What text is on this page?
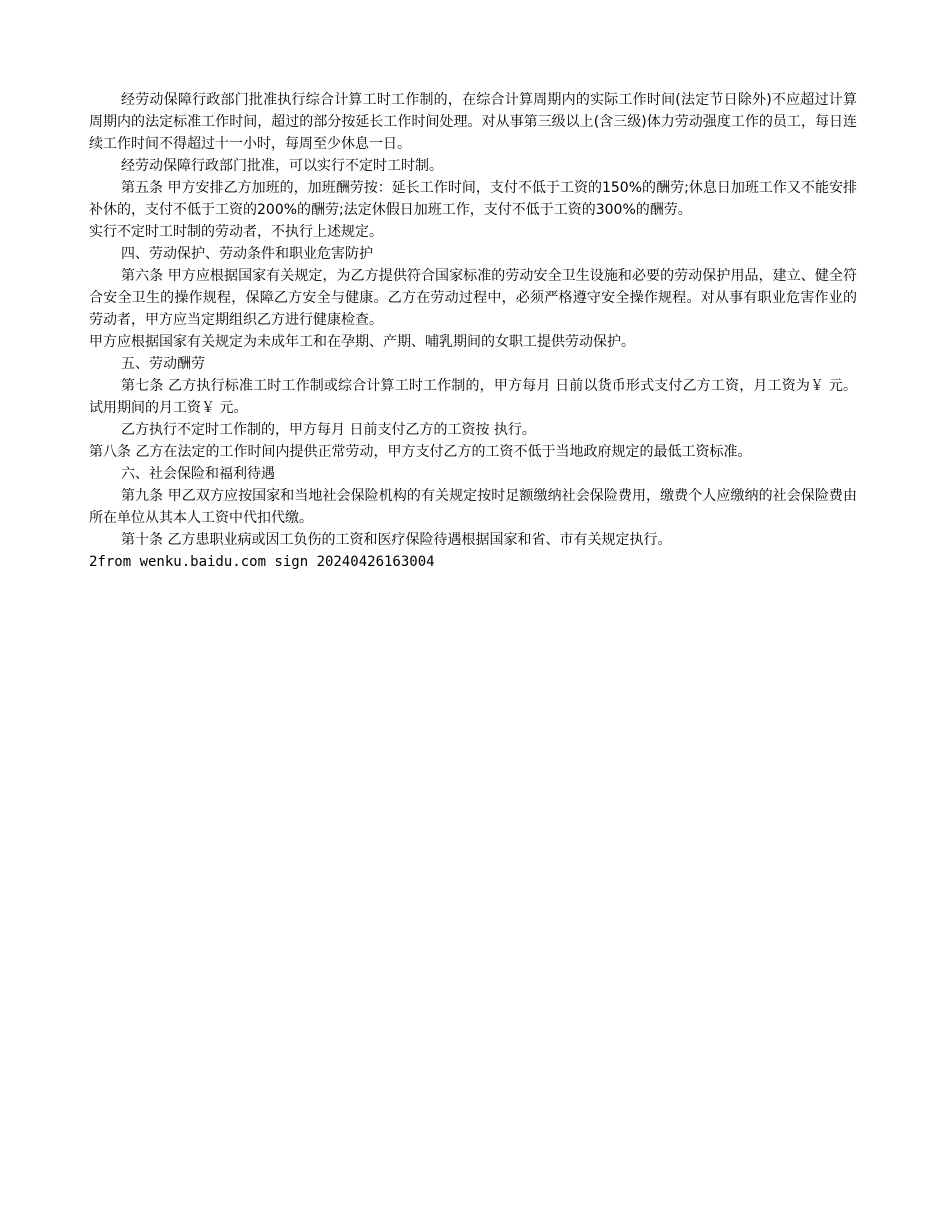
经劳动保障行政部门批准执行综合计算工时工作制的，在综合计算周期内的实际工作时间(法定节日除外)不应超过计算周期内的法定标准工作时间，超过的部分按延长工作时间处理。对从事第三级以上(含三级)体力劳动强度工作的员工，每日连续工作时间不得超过十一小时，每周至少休息一日。

经劳动保障行政部门批准，可以实行不定时工时制。

第五条 甲方安排乙方加班的，加班酬劳按：延长工作时间，支付不低于工资的150%的酬劳;休息日加班工作又不能安排补休的，支付不低于工资的200%的酬劳;法定休假日加班工作，支付不低于工资的300%的酬劳。

实行不定时工时制的劳动者，不执行上述规定。

四、劳动保护、劳动条件和职业危害防护

第六条 甲方应根据国家有关规定，为乙方提供符合国家标准的劳动安全卫生设施和必要的劳动保护用品，建立、健全符合安全卫生的操作规程，保障乙方安全与健康。乙方在劳动过程中，必须严格遵守安全操作规程。对从事有职业危害作业的劳动者，甲方应当定期组织乙方进行健康检查。

甲方应根据国家有关规定为未成年工和在孕期、产期、哺乳期间的女职工提供劳动保护。

五、劳动酬劳

第七条 乙方执行标准工时工作制或综合计算工时工作制的，甲方每月 日前以货币形式支付乙方工资，月工资为￥ 元。试用期间的月工资￥ 元。

乙方执行不定时工作制的，甲方每月 日前支付乙方的工资按 执行。

第八条 乙方在法定的工作时间内提供正常劳动，甲方支付乙方的工资不低于当地政府规定的最低工资标准。

六、社会保险和福利待遇

第九条 甲乙双方应按国家和当地社会保险机构的有关规定按时足额缴纳社会保险费用，缴费个人应缴纳的社会保险费由所在单位从其本人工资中代扣代缴。

第十条 乙方患职业病或因工负伤的工资和医疗保险待遇根据国家和省、市有关规定执行。

2from wenku.baidu.com sign 20240426163004
